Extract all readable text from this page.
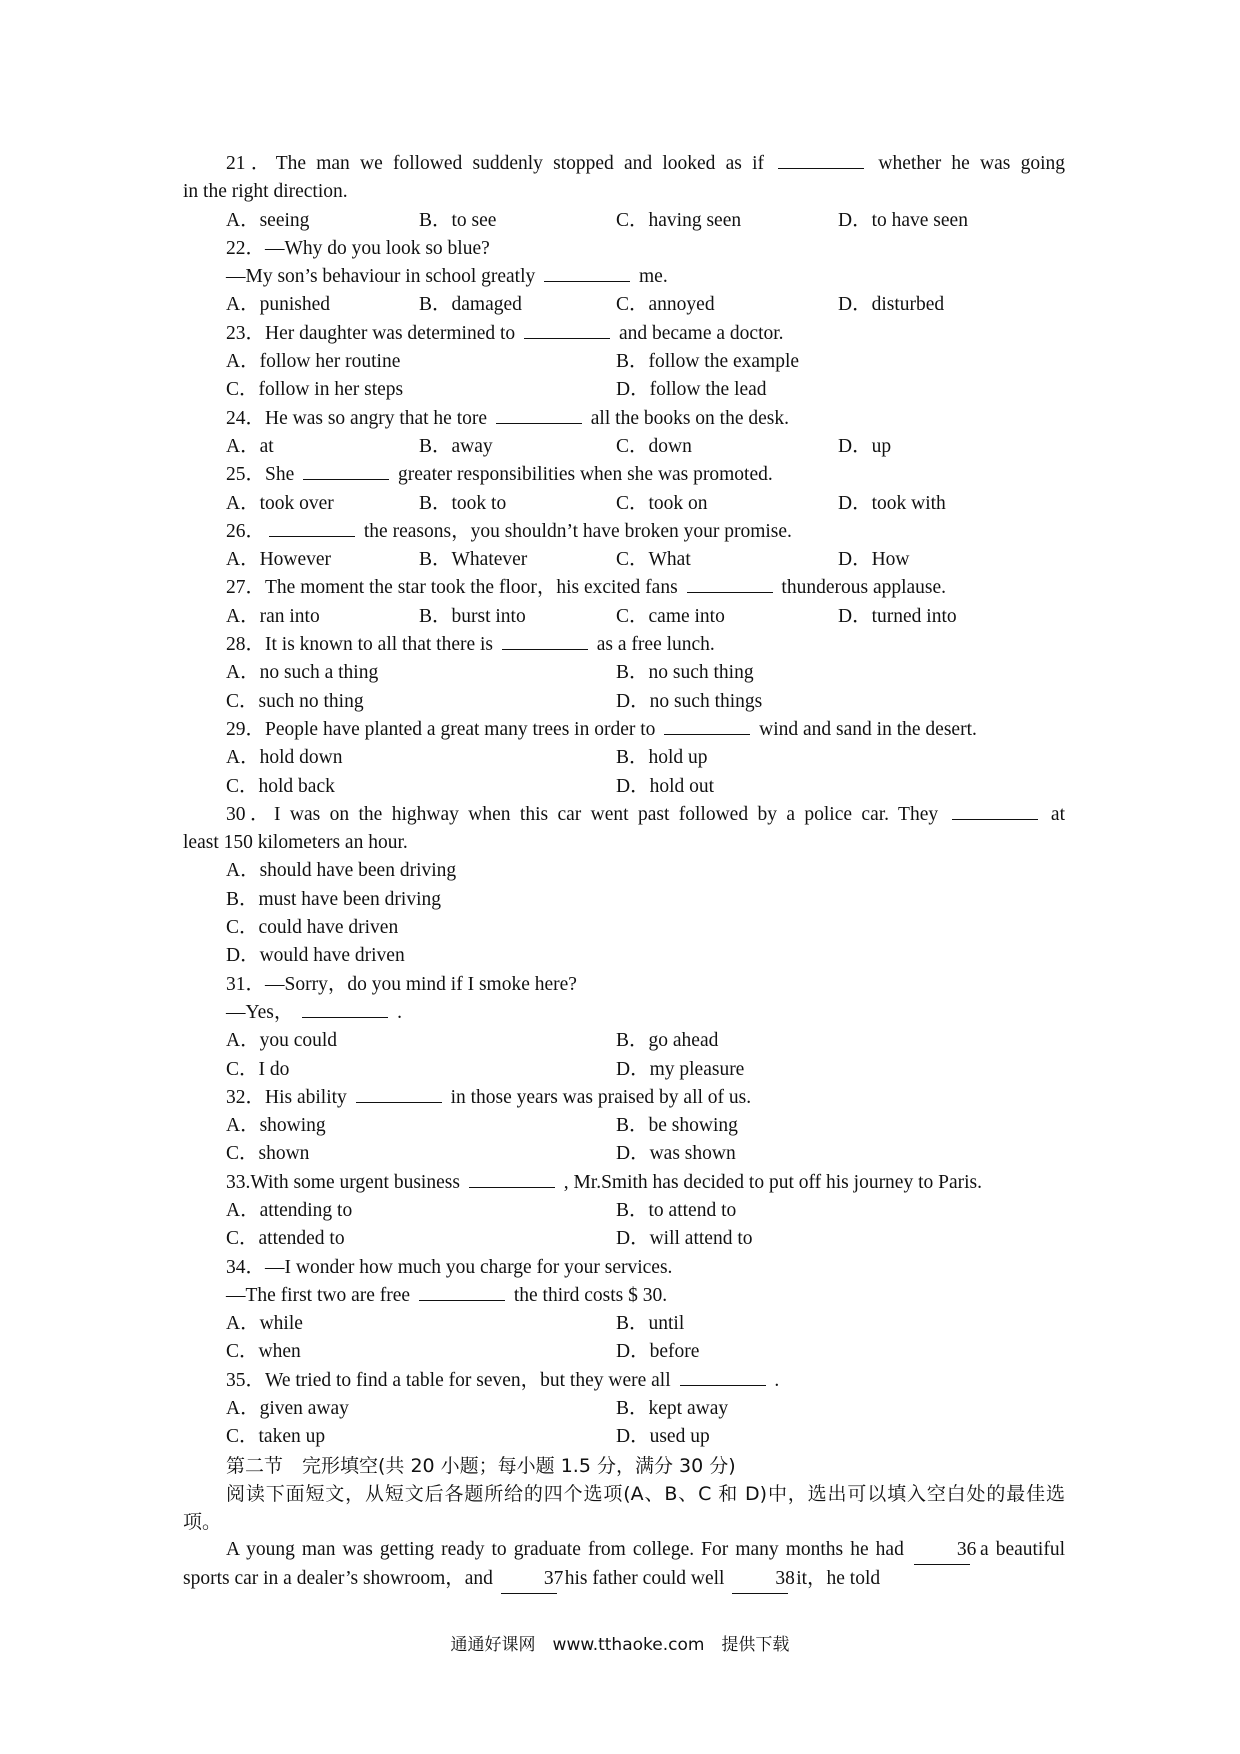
21．The man we followed suddenly stopped and looked as if	whether he was going
in the right direction.
A．seeing	B．to see	C．having seen	D．to have seen
22．—Why do you look so blue?
—My son’s behaviour in school greatly	me.
A．punished	B．damaged	C．annoyed	D．disturbed
23．Her daughter was determined to	and became a doctor.
A．follow her routine	B．follow the example
C．follow in her steps	D．follow the lead
24．He was so angry that he tore	all the books on the desk.
A．at	B．away	C．down	D．up
25．She	greater responsibilities when she was promoted.
A．took over	B．took to	C．took on	D．took with
26．	the reasons，you shouldn’t have broken your promise.
A．However	B．Whatever	C．What	D．How
27．The moment the star took the floor，his excited fans	thunderous applause.
A．ran into	B．burst into	C．came into	D．turned into
28．It is known to all that there is	as a free lunch.
A．no such a thing	B．no such thing
C．such no thing	D．no such things
29．People have planted a great many trees in order to	wind and sand in the desert.
A．hold down	B．hold up
C．hold back	D．hold out
30．I was on the highway when this car went past followed by a police car. They	at
least 150 kilometers an hour.
A．should have been driving
B．must have been driving
C．could have driven
D．would have driven
31．—Sorry，do you mind if I smoke here?
—Yes，	.
A．you could	B．go ahead
C．I do	D．my pleasure
32．His ability	in those years was praised by all of us.
A．showing	B．be showing
C．shown	D．was shown
33.With some urgent business	, Mr.Smith has decided to put off his journey to Paris.
A．attending to	B．to attend to
C．attended to	D．will attend to
34．—I wonder how much you charge for your services.
—The first two are free	the third costs $ 30.
A．while	B．until
C．when	D．before
35．We tried to find a table for seven，but they were all	.
A．given away	B．kept away
C．taken up	D．used up
第二节　完形填空(共 20 小题；每小题 1.5 分，满分 30 分)
阅读下面短文，从短文后各题所给的四个选项(A、B、C 和 D)中，选出可以填入空白处的最佳选项。
A young man was getting ready to graduate from college. For many months he had 36 a beautiful sports car in a dealer’s showroom，and 37 his father could well 38 it，he told
通通好课网　www.tthaoke.com　提供下载
